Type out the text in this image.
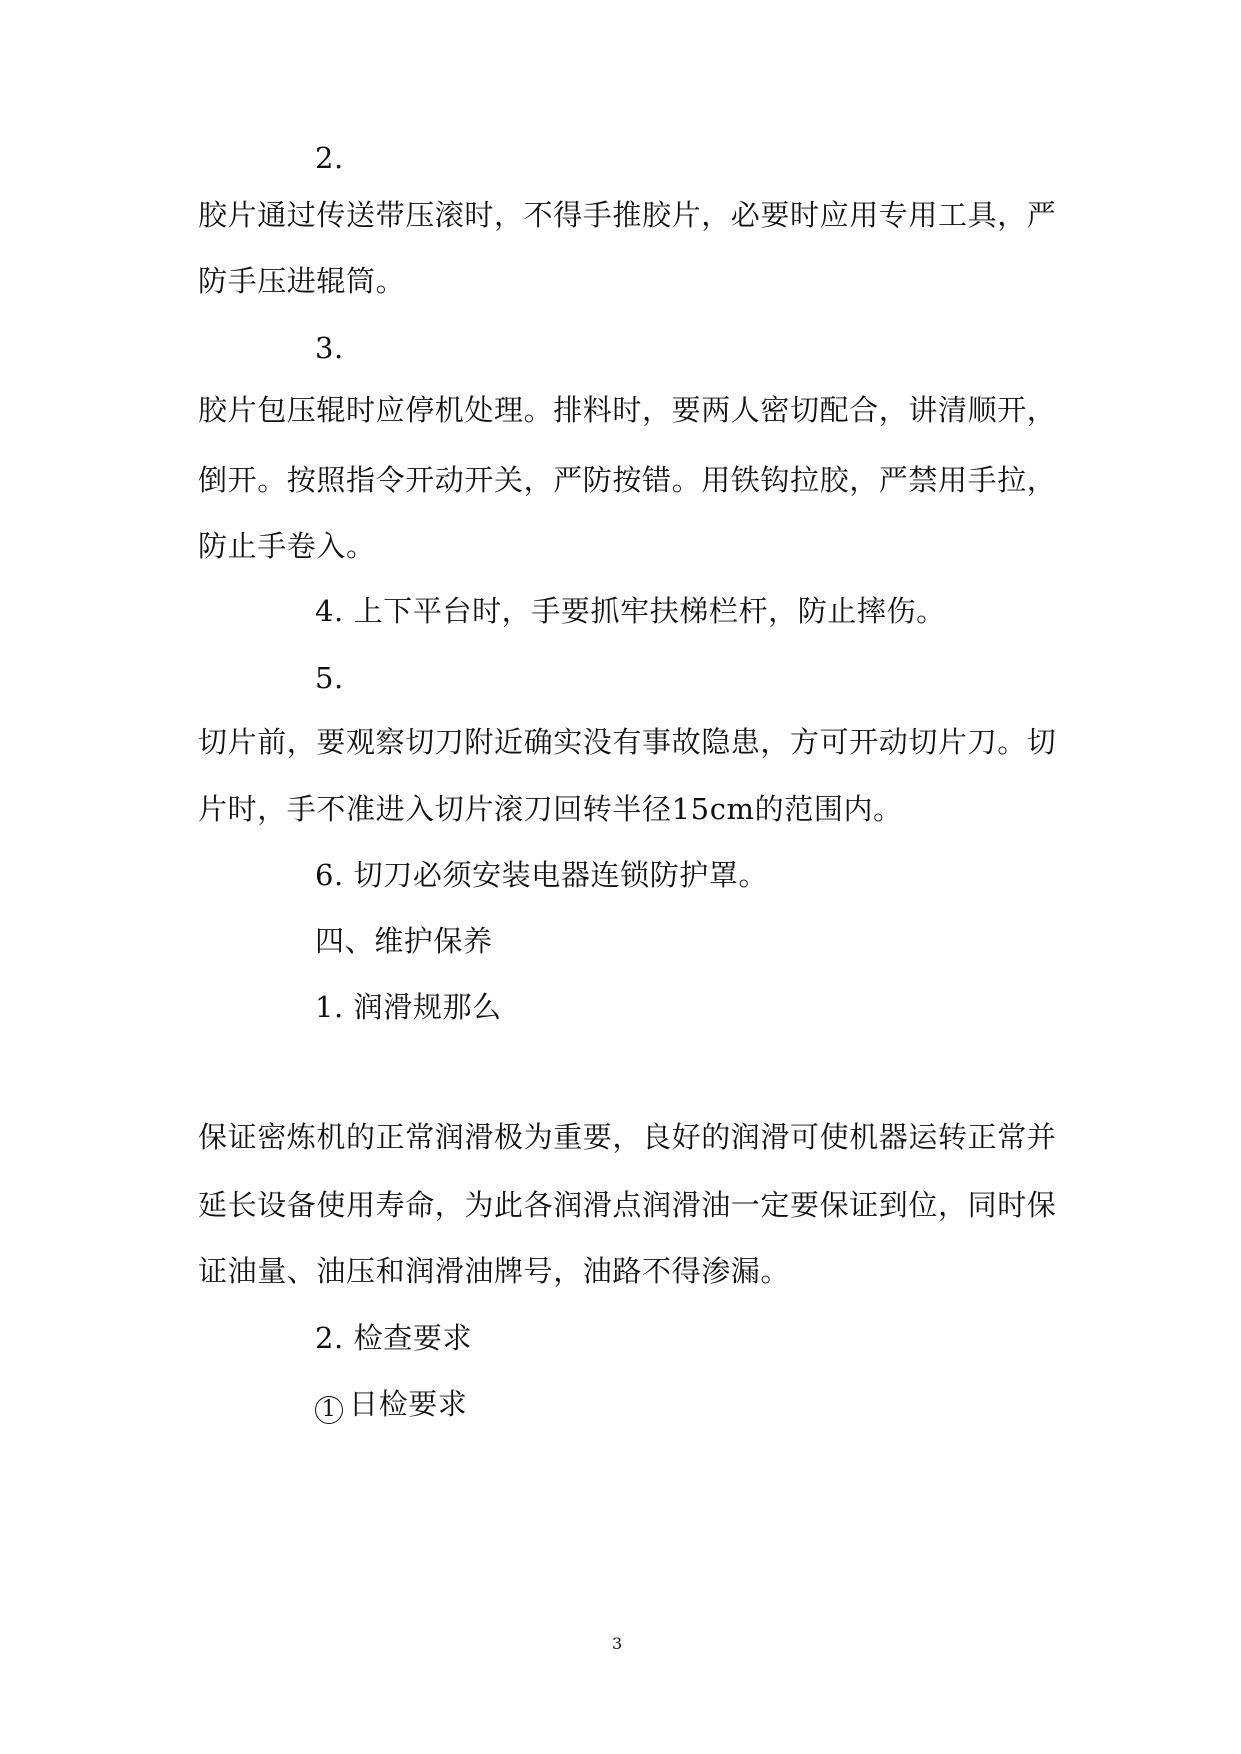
2.
胶片通过传送带压滚时，不得手推胶片，必要时应用专用工具，严
防手压进辊筒。
3.
胶片包压辊时应停机处理。排料时，要两人密切配合，讲清顺开，
倒开。按照指令开动开关，严防按错。用铁钩拉胶，严禁用手拉，
防止手卷入。
4. 上下平台时，手要抓牢扶梯栏杆，防止摔伤。
5.
切片前，要观察切刀附近确实没有事故隐患，方可开动切片刀。切
片时，手不准进入切片滚刀回转半径15cm的范围内。
6. 切刀必须安装电器连锁防护罩。
四、维护保养
1. 润滑规那么
保证密炼机的正常润滑极为重要，良好的润滑可使机器运转正常并
延长设备使用寿命，为此各润滑点润滑油一定要保证到位，同时保
证油量、油压和润滑油牌号，油路不得渗漏。
2. 检查要求
1 日检要求
3
